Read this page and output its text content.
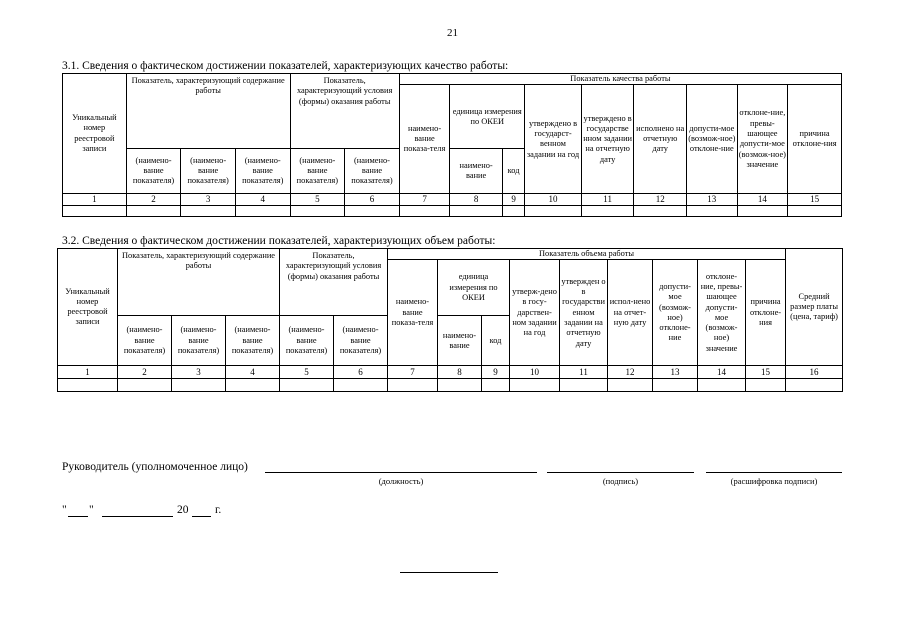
21
3.1. Сведения о фактическом достижении показателей, характеризующих качество работы:
Уникальный номер реестровой записи	Показатель, характеризующий содержание работы			Показатель, характеризующий условия (формы) оказания работы		Показатель качества работы								
						наимено-вание показа-теля	единица измерения по ОКЕИ		утверждено в государст-венном задании на год	утверждено в государстве нном задании на отчетную дату	исполнено на отчетную дату	допусти-мое (возмож-ное) отклоне-ние	отклоне-ние, превы-шающее допусти-мое (возмож-ное) значение	причина отклоне-ния
	(наимено-вание показателя)	(наимено-вание показателя)	(наимено-вание показателя)	(наимено-вание показателя)	(наимено-вание показателя)		наимено-вание	код						
1	2	3	4	5	6	7	8	9	10	11	12	13	14	15

3.2. Сведения о фактическом достижении показателей, характеризующих объем работы:
Уникальный номер реестровой записи	Показатель, характеризующий содержание работы			Показатель, характеризующий условия (формы) оказания работы		Показатель объема работы									Средний размер платы (цена, тариф)
						наимено-вание показа-теля	единица измерения по ОКЕИ		утверж-дено в госу-дарствен-ном задании на год	утвержден о в государстви енном задании на отчетную дату	испол-нено на отчет-ную дату	допусти-мое (возмож-ное) отклоне-ние	отклоне-ние, превы-шающее допусти-мое (возмож-ное) значение	причина отклоне-ния	
	(наимено-вание показателя)	(наимено-вание показателя)	(наимено-вание показателя)	(наимено-вание показателя)	(наимено-вание показателя)		наимено-вание	код							
1	2	3	4	5	6	7	8	9	10	11	12	13	14	15	16

Руководитель (уполномоченное лицо)
(должность)	(подпись)	(расшифровка подписи)
" "	20 г.
